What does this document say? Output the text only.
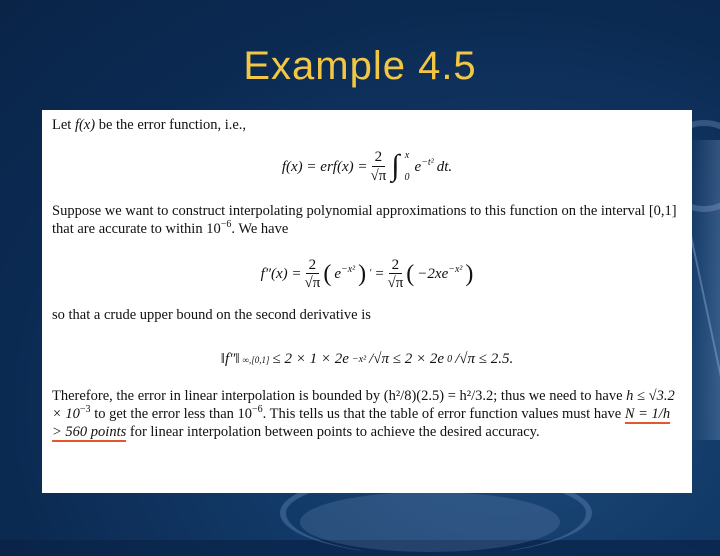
Example 4.5

Let f(x) be the error function, i.e.,

$f(x) = erf(x) = \frac{2}{√\pi}$ ∫ x
0
$e^{-t^2}$ dt.

Suppose we want to construct interpolating polynomial approximations to this function on the interval [0,1] that are accurate to within $10^{-6}$. We have

$f''(x) = \frac{2}{√\pi}$ ( $e^{-x^2}$ ) ′ = $\frac{2}{√\pi}$ ( $-2xe^{-x^2}$ )

so that a crude upper bound on the second derivative is

‖f″‖ ∞,[0,1] ≤ 2 × 1 × 2e −x² /√π ≤ 2 × 2e 0 /√π ≤ 2.5.

Therefore, the error in linear interpolation is bounded by (h²/8)(2.5) = h²/3.2; thus we need to have $h \le √3.2 \times 10^{-3}$ to get the error less than $10^{-6}$. This tells us that the table of error function values must have N = 1/h > 560 points for linear interpolation between points to achieve the desired accuracy.
